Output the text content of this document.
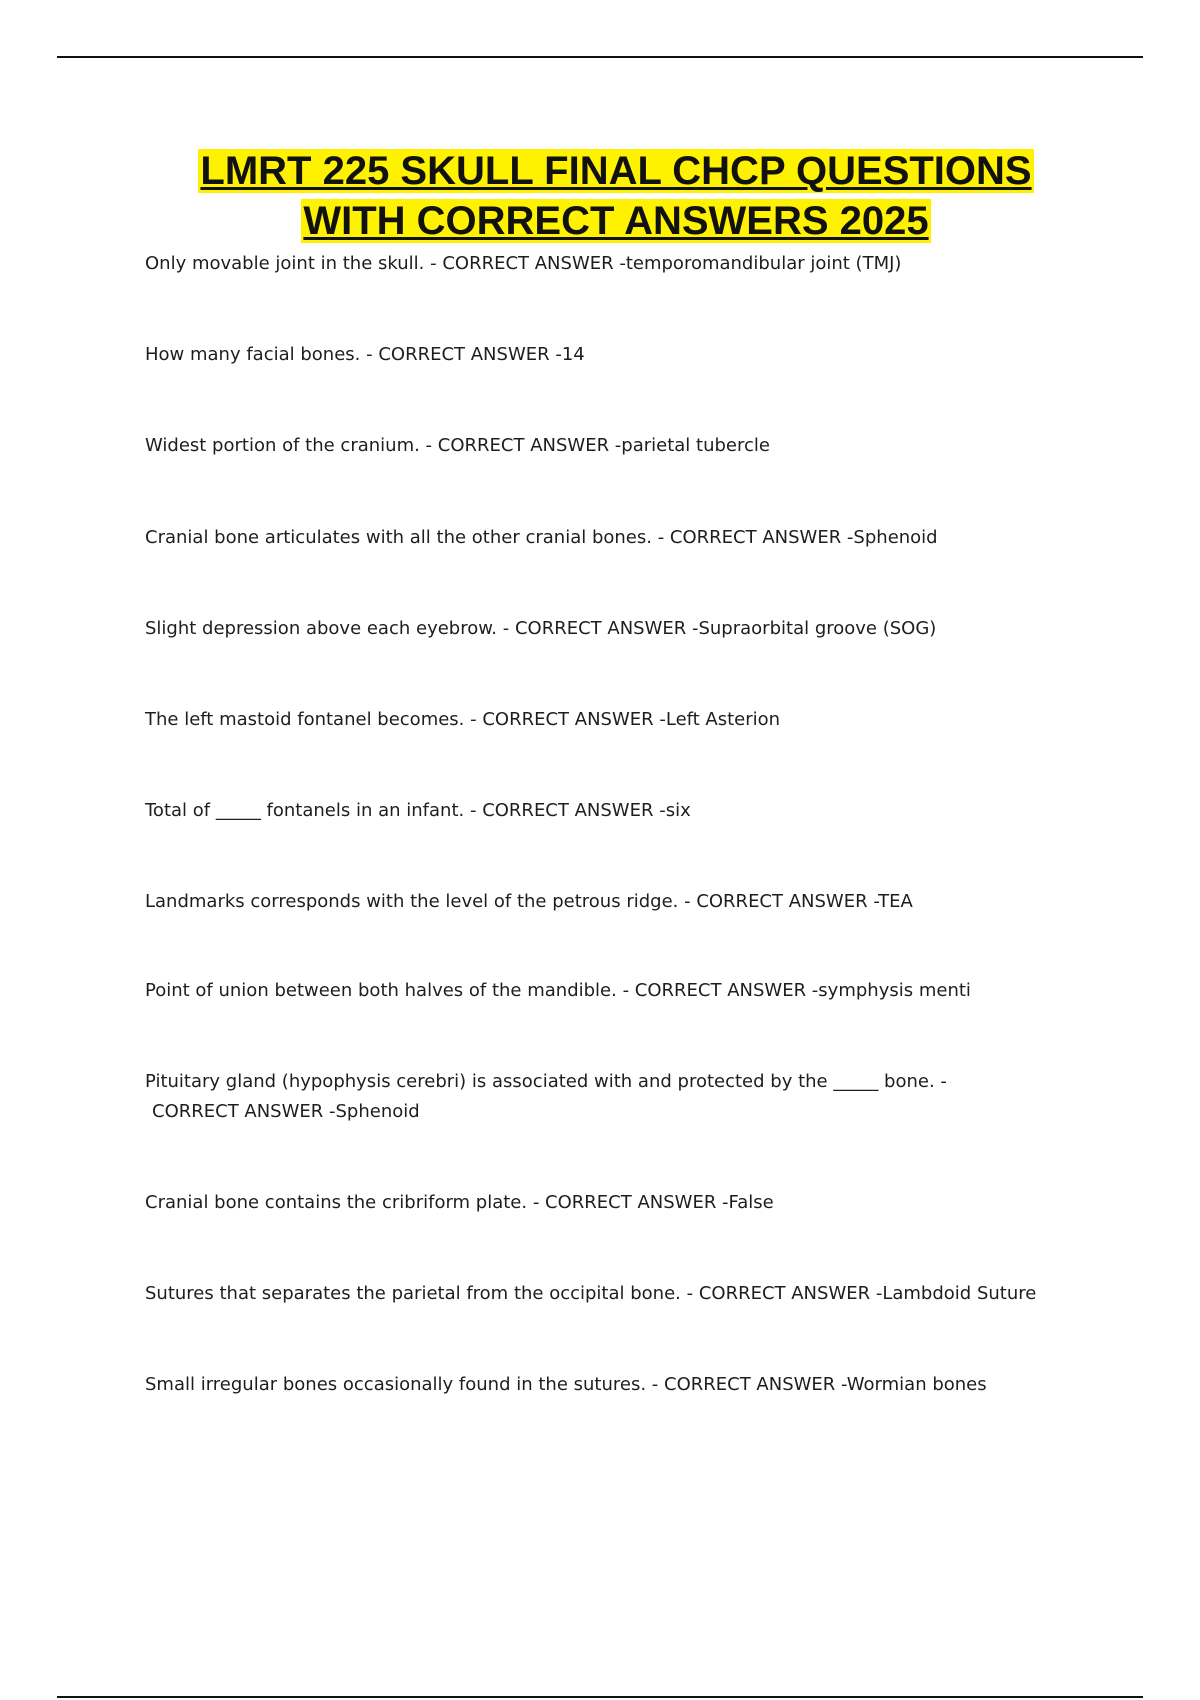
LMRT 225 SKULL FINAL CHCP QUESTIONS
WITH CORRECT ANSWERS 2025
Only movable joint in the skull. - CORRECT ANSWER -temporomandibular joint (TMJ)
How many facial bones. - CORRECT ANSWER -14
Widest portion of the cranium. - CORRECT ANSWER -parietal tubercle
Cranial bone articulates with all the other cranial bones. - CORRECT ANSWER -Sphenoid
Slight depression above each eyebrow. - CORRECT ANSWER -Supraorbital groove (SOG)
The left mastoid fontanel becomes. - CORRECT ANSWER -Left Asterion
Total of _____ fontanels in an infant. - CORRECT ANSWER -six
Landmarks corresponds with the level of the petrous ridge. - CORRECT ANSWER -TEA
Point of union between both halves of the mandible. - CORRECT ANSWER -symphysis menti
Pituitary gland (hypophysis cerebri) is associated with and protected by the _____ bone. -
CORRECT ANSWER -Sphenoid
Cranial bone contains the cribriform plate. - CORRECT ANSWER -False
Sutures that separates the parietal from the occipital bone. - CORRECT ANSWER -Lambdoid Suture
Small irregular bones occasionally found in the sutures. - CORRECT ANSWER -Wormian bones
